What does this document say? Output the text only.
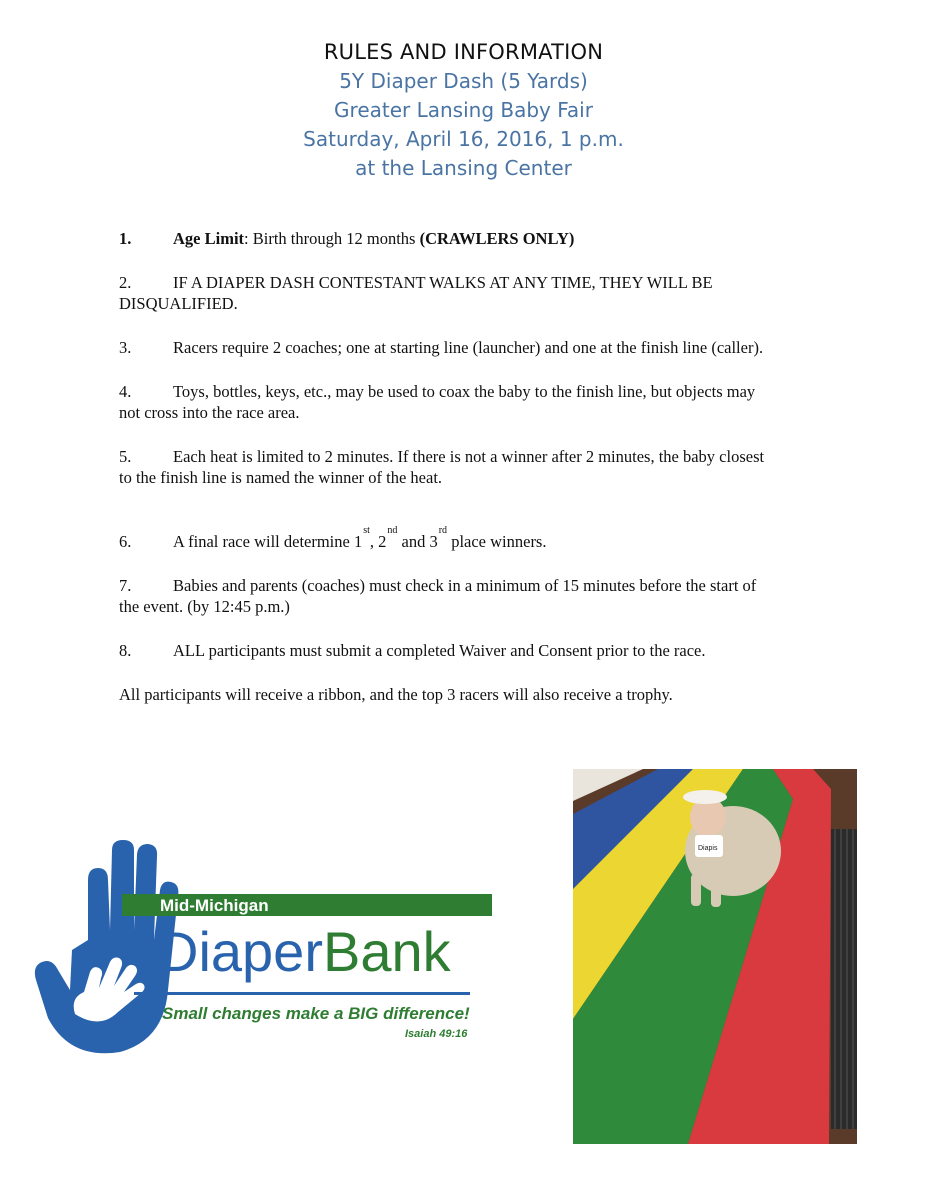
RULES AND INFORMATION
5Y Diaper Dash (5 Yards)
Greater Lansing Baby Fair
Saturday, April 16, 2016, 1 p.m.
at the Lansing Center
1.	Age Limit: Birth through 12 months (CRAWLERS ONLY)
2.	IF A DIAPER DASH CONTESTANT WALKS AT ANY TIME, THEY WILL BE DISQUALIFIED.
3.	Racers require 2 coaches; one at starting line (launcher) and one at the finish line (caller).
4.	Toys, bottles, keys, etc., may be used to coax the baby to the finish line, but objects may not cross into the race area.
5.	Each heat is limited to 2 minutes. If there is not a winner after 2 minutes, the baby closest to the finish line is named the winner of the heat.
6.	A final race will determine 1st, 2nd and 3rd place winners.
7.	Babies and parents (coaches) must check in a minimum of 15 minutes before the start of the event. (by 12:45 p.m.)
8.	ALL participants must submit a completed Waiver and Consent prior to the race.
All participants will receive a ribbon, and the top 3 racers will also receive a trophy.
Mid-Michigan
DiaperBank
Small changes make a BIG difference!
Isaiah 49:16
Diapis
